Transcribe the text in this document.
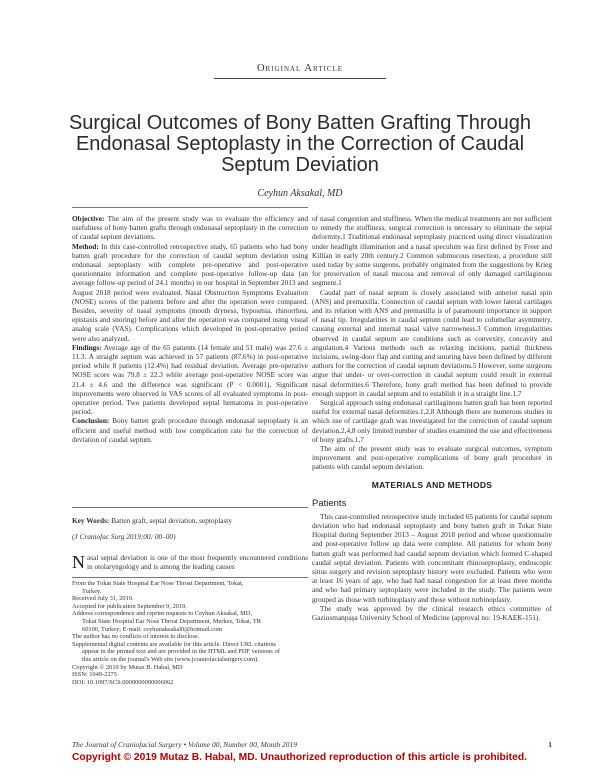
Original Article
Surgical Outcomes of Bony Batten Grafting Through Endonasal Septoplasty in the Correction of Caudal Septum Deviation
Ceyhun Aksakal, MD

Objective: The aim of the present study was to evaluate the efficiency and usefulness of bony batten grafts through endonasal septoplasty in the correction of caudal septum deviations.

Method: In this case-controlled retrospective study, 65 patients who had bony batten graft procedure for the correction of caudal septum deviation using endonasal septoplasty with complete pre-operative and post-operative questionnaire information and complete post-operative follow-up data (an average follow-up period of 24.1 months) in our hospital in September 2013 and August 2018 period were evaluated. Nasal Obstruction Symptoms Evaluation (NOSE) scores of the patients before and after the operation were compared. Besides, severity of nasal symptoms (mouth dryness, hyposmia, rhinorrhea, epistaxis and snoring) before and after the operation was compared using visual analog scale (VAS). Complications which developed in post-operative period were also analyzed.

Findings: Average age of the 65 patients (14 female and 51 male) was 27.6 ± 11.3. A straight septum was achieved in 57 patients (87.6%) in post-operative period while 8 patients (12.4%) had residual deviation. Average pre-operative NOSE score was 79.8 ± 22.3 while average post-operative NOSE score was 21.4 ± 4.6 and the difference was significant (P < 0.0001). Significant improvements were observed in VAS scores of all evaluated symptoms in post-operative period. Two patients developed septal hematoma in post-operative period.

Conclusion: Bony batten graft procedure through endonasal septoplasty is an efficient and useful method with low complication rate for the correction of deviation of caudal septum.

Key Words: Batten graft, septal deviation, septoplasty
(J Craniofac Surg 2019;00: 00–00)
Nasal septal deviation is one of the most frequently encountered conditions in otolaryngology and is among the leading causes

From the Tokat State Hospital Ear Nose Throat Department, Tokat,

Turkey.

Received July 31, 2019.

Accepted for publication September 9, 2019.

Address correspondence and reprint requests to Ceyhun Aksakal, MD,

Tokat State Hospital Ear Nose Throat Department, Merkez, Tokat, TR

60100, Turkey; E-mail: ceyhunaksakal0@hotmail.com

The author has no conflicts of interest to disclose.

Supplemental digital contents are available for this article. Direct URL citations

appear in the printed text and are provided in the HTML and PDF versions of

this article on the journal's Web site (www.jcraniofacialsurgery.com).

Copyright © 2019 by Mutaz B. Habal, MD

ISSN: 1049-2275

DOI: 10.1097/SCS.0000000000006062

of nasal congestion and stuffiness. When the medical treatments are not sufficient to remedy the stuffiness, surgical correction is necessary to eliminate the septal deformity.1 Traditional endonasal septoplasty practiced using direct visualization under headlight illumination and a nasal speculum was first defined by Freer and Killian in early 20th century.2 Common submucous resection, a procedure still used today by some surgeons, probably originated from the suggestions by Krieg for preservation of nasal mucosa and removal of only damaged cartilaginous segment.1

Caudal part of nasal septum is closely associated with anterior nasal spin (ANS) and premaxilla. Connection of caudal septum with lower lateral cartilages and its relation with ANS and premaxilla is of paramount importance in support of nasal tip. Irregularities in caudal septum could lead to columellar asymmetry, causing external and internal nasal valve narrowness.3 Common irregularities observed in caudal septum are conditions such as convexity, concavity and angulation.4 Various methods such as relaxing incisions, partial thickness incisions, swing-door flap and cutting and suturing have been defined by different authors for the correction of caudal septum deviations.5 However, some surgeons argue that under- or over-correction in caudal septum could result in external nasal deformities.6 Therefore, bony graft method has been defined to provide enough support in caudal septum and to establish it in a straight line.1,7

Surgical approach using endonasal cartilaginous batten graft has been reported useful for external nasal deformities.1,2,8 Although there are numerous studies in which use of cartilage graft was investigated for the correction of caudal septum deviation,2,4,8 only limited number of studies examined the use and effectiveness of bony grafts.1,7

The aim of the present study was to evaluate surgical outcomes, symptom improvement and post-operative complications of bony graft procedure in patients with caudal septum deviation.

MATERIALS AND METHODS
Patients

This case-controlled retrospective study included 65 patients for caudal septum deviation who had endonasal septoplasty and bony batten graft in Tokat State Hospital during September 2013 – August 2018 period and whose questionnaire and post-operative follow up data were complete. All patients for whom bony batten graft was performed had caudal septum deviation which formed C-shaped caudal septal deviation. Patients with concomitant rhinoseptoplasty, endoscopic sinus surgery and revision septoplasty history were excluded. Patients who were at least 16 years of age, who had had nasal congestion for at least three months and who had primary septoplasty were included in the study. The patients were grouped as those with turbinoplasty and those without turbinoplasty.

The study was approved by the clinical research ethics committee of Gaziosmanpaşa University School of Medicine (approval no: 19-KAEK-151).

The Journal of Craniofacial Surgery • Volume 00, Number 00, Month 2019	1
Copyright © 2019 Mutaz B. Habal, MD. Unauthorized reproduction of this article is prohibited.
